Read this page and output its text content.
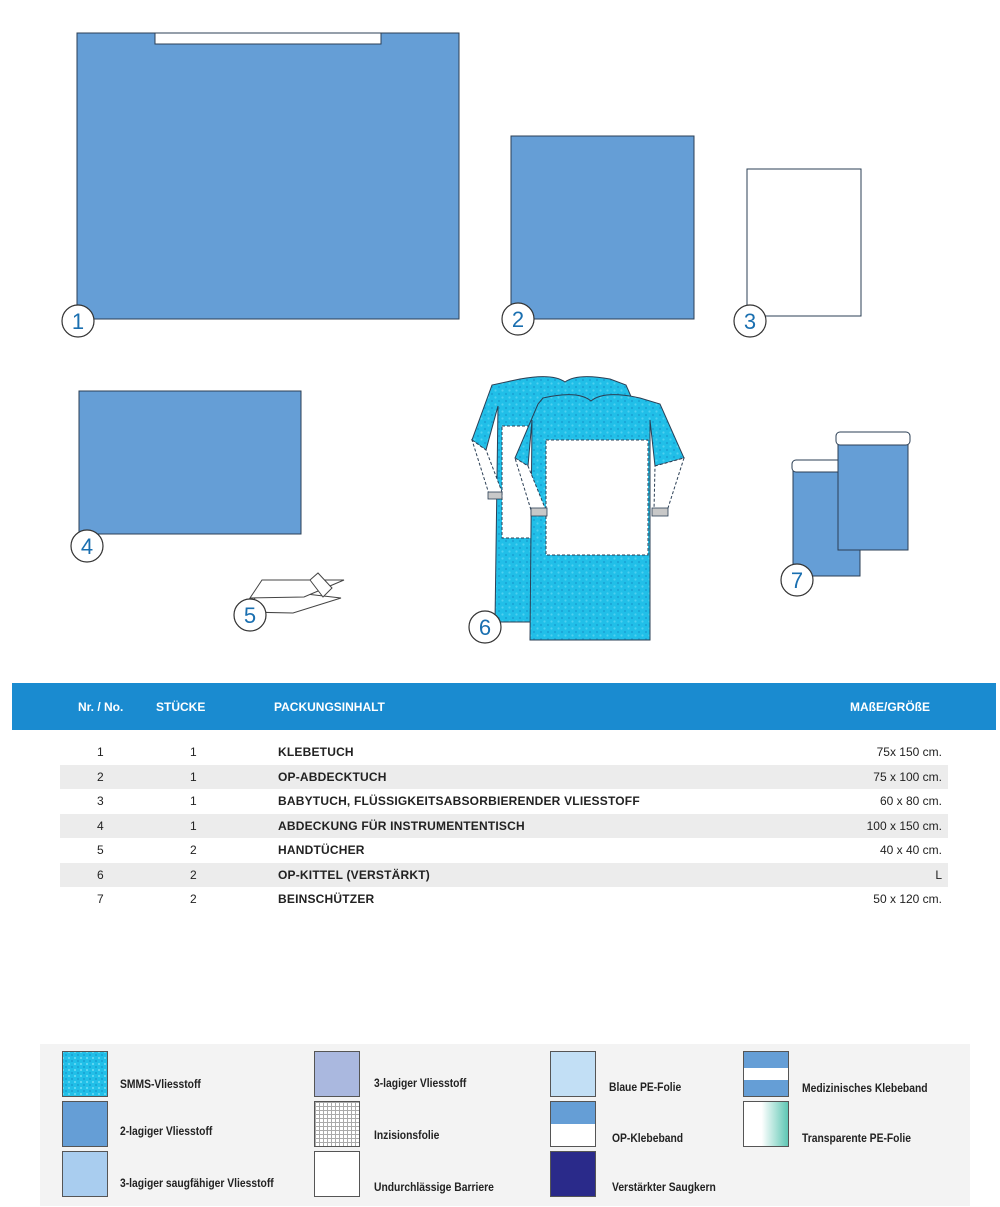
1	2	3
4
5	6
7
Nr. / No.	STÜCKE	PACKUNGSINHALT	MAßE/GRÖßE
1	1	KLEBETUCH	75x 150 cm.
2	1	OP-ABDECKTUCH	75 x 100 cm.
3	1	BABYTUCH, FLÜSSIGKEITSABSORBIERENDER VLIESSTOFF	60 x 80 cm.
4	1	ABDECKUNG FÜR INSTRUMENTENTISCH	100 x 150 cm.
5	2	HANDTÜCHER	40 x 40 cm.
6	2	OP-KITTEL (VERSTÄRKT)	L
7	2	BEINSCHÜTZER	50 x 120 cm.
SMMS-Vliesstoff
2-lagiger Vliesstoff
3-lagiger saugfähiger Vliesstoff
3-lagiger Vliesstoff
Inzisionsfolie
Undurchlässige Barriere
Blaue PE-Folie
OP-Klebeband
Verstärkter Saugkern
Medizinisches Klebeband
Transparente PE-Folie
